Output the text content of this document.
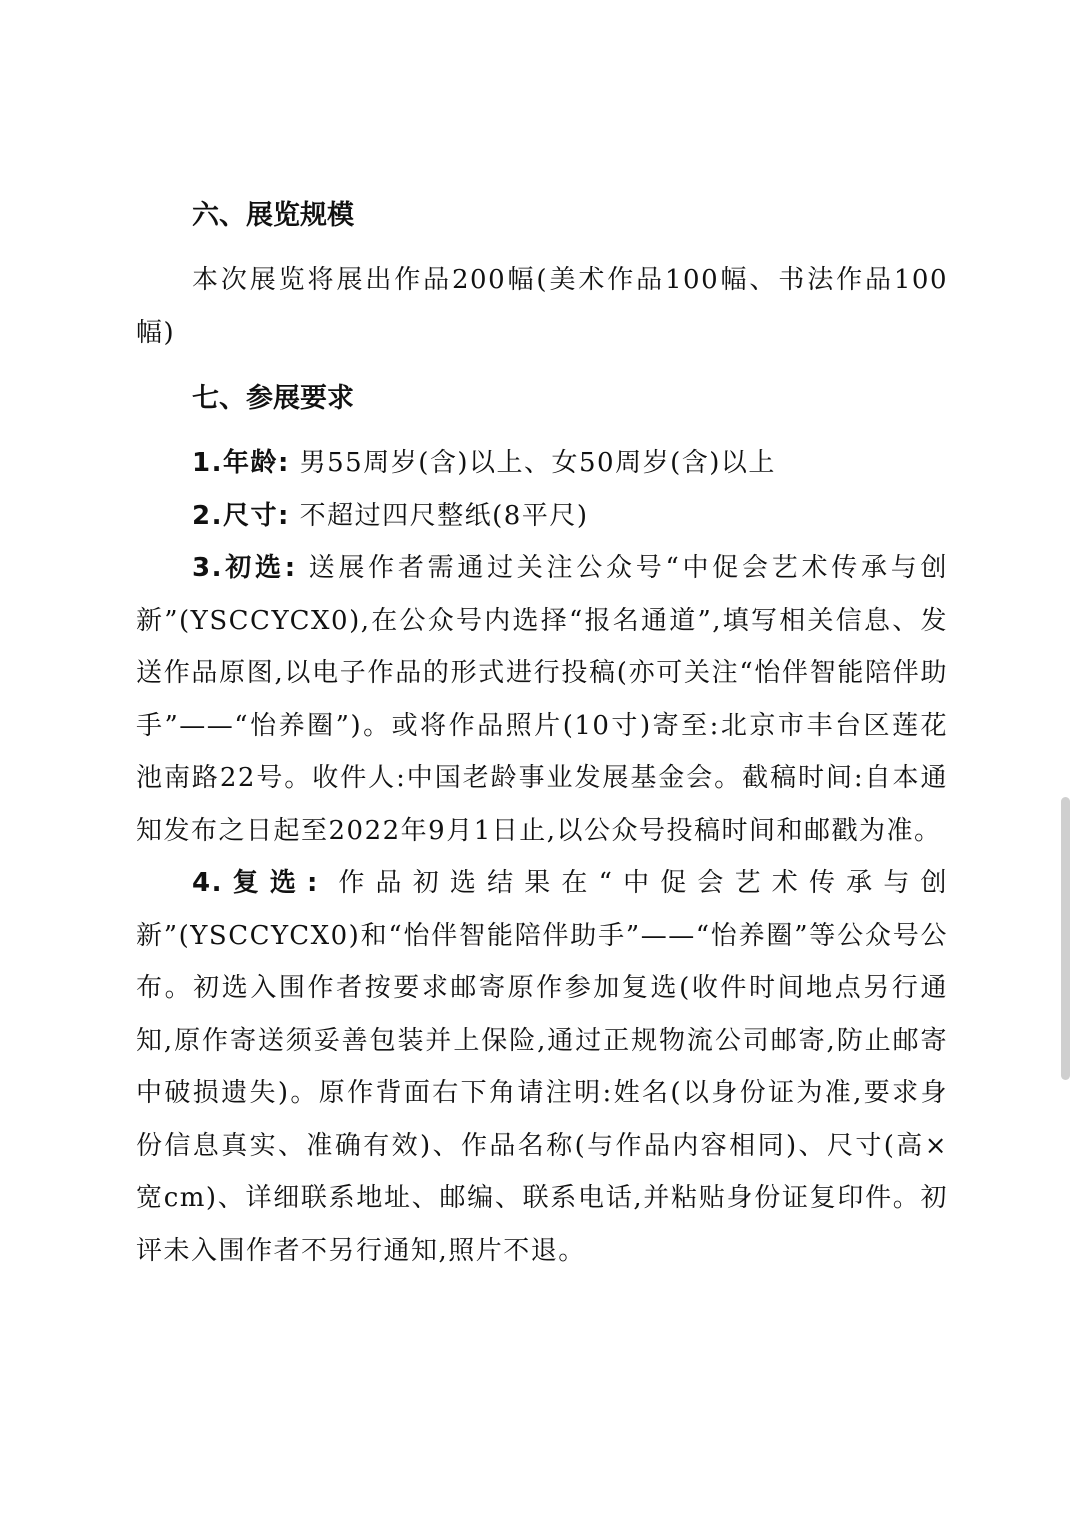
六、展览规模

本次展览将展出作品200幅(美术作品100幅、书法作品100幅)

七、参展要求

1.年龄: 男55周岁(含)以上、女50周岁(含)以上

2.尺寸: 不超过四尺整纸(8平尺)

3.初选: 送展作者需通过关注公众号“中促会艺术传承与创新”(YSCCYCX0),在公众号内选择“报名通道”,填写相关信息、发送作品原图,以电子作品的形式进行投稿(亦可关注“怡伴智能陪伴助手”——“怡养圈”)。或将作品照片(10寸)寄至:北京市丰台区莲花池南路22号。收件人:中国老龄事业发展基金会。截稿时间:自本通知发布之日起至2022年9月1日止,以公众号投稿时间和邮戳为准。

4.复选: 作品初选结果在“中促会艺术传承与创新”(YSCCYCX0)和“怡伴智能陪伴助手”——“怡养圈”等公众号公布。初选入围作者按要求邮寄原作参加复选(收件时间地点另行通知,原作寄送须妥善包装并上保险,通过正规物流公司邮寄,防止邮寄中破损遗失)。原作背面右下角请注明:姓名(以身份证为准,要求身份信息真实、准确有效)、作品名称(与作品内容相同)、尺寸(高×宽cm)、详细联系地址、邮编、联系电话,并粘贴身份证复印件。初评未入围作者不另行通知,照片不退。
